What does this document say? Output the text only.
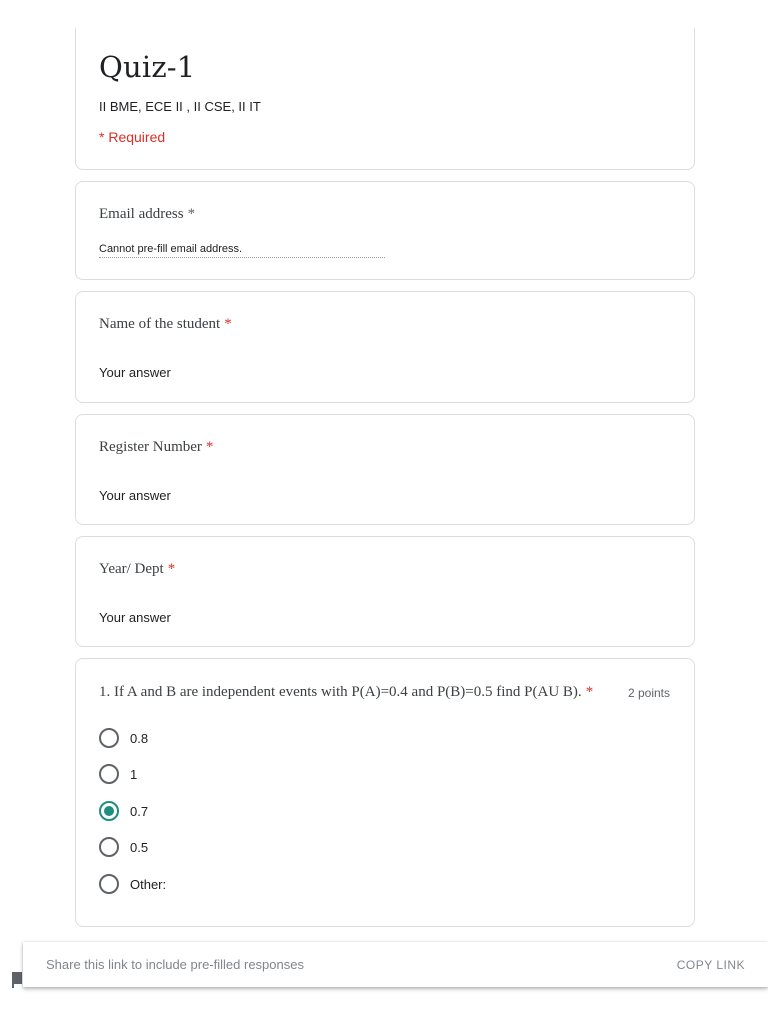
Quiz-1
II BME, ECE II , II CSE, II IT
* Required
Email address *
Cannot pre-fill email address.
Name of the student *
Your answer
Register Number *
Your answer
Year/ Dept *
Your answer
1. If A and B are independent events with P(A)=0.4 and P(B)=0.5 find P(AU B). *	2 points
0.8
1
0.7
0.5
Other:
Share this link to include pre-filled responses	COPY LINK
